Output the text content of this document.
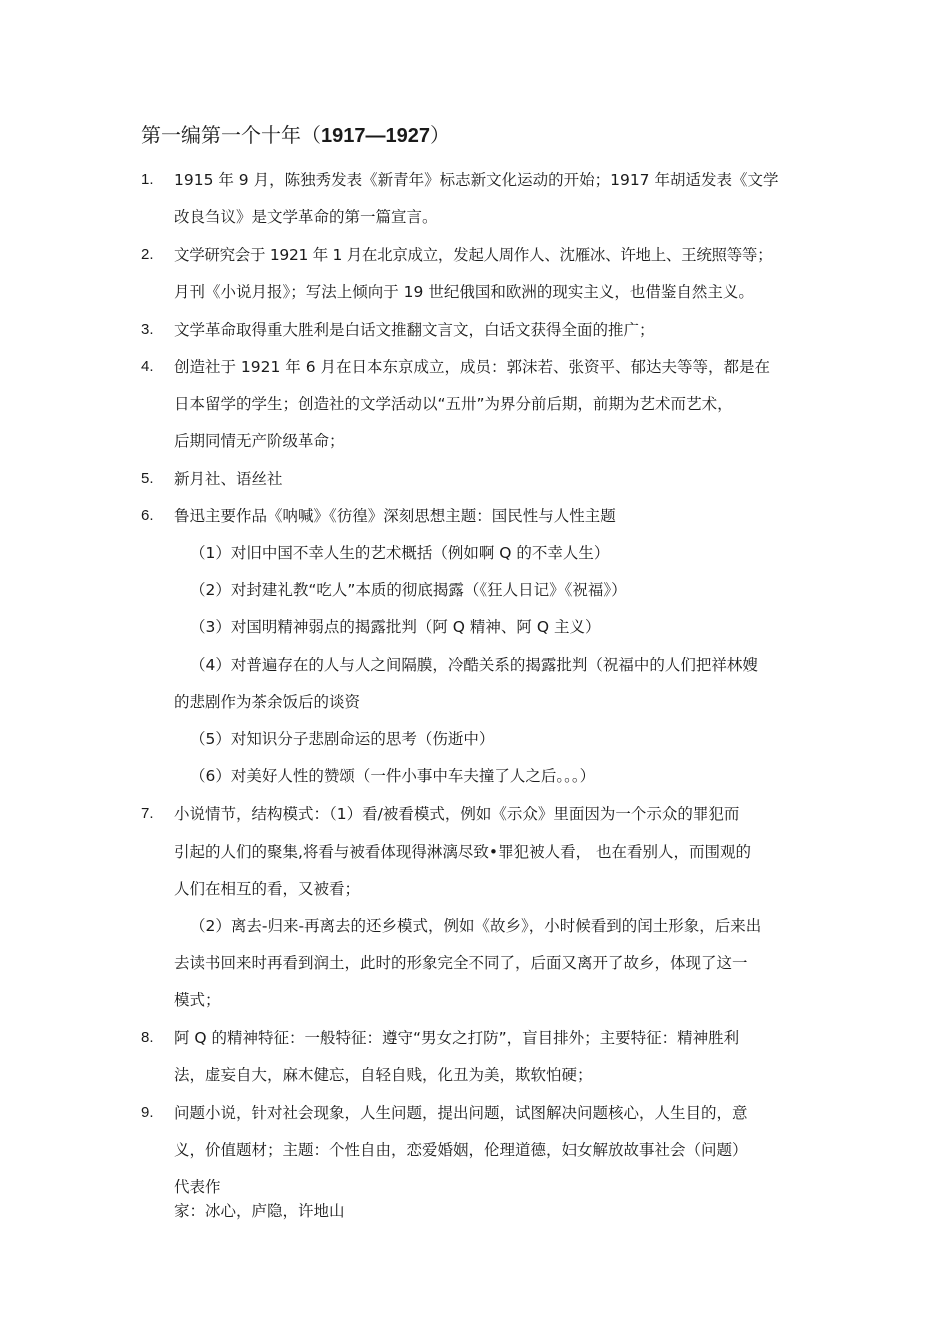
第一编第一个十年（1917—1927）
1. 1915 年 9 月，陈独秀发表《新青年》标志新文化运动的开始；1917 年胡适发表《文学
改良刍议》是文学革命的第一篇宣言。
2. 文学研究会于 1921 年 1 月在北京成立，发起人周作人、沈雁冰、许地上、王统照等等；
月刊《小说月报》；写法上倾向于 19 世纪俄国和欧洲的现实主义，也借鉴自然主义。
3. 文学革命取得重大胜利是白话文推翻文言文，白话文获得全面的推广；
4. 创造社于 1921 年 6 月在日本东京成立，成员：郭沫若、张资平、郁达夫等等，都是在
日本留学的学生；创造社的文学活动以“五卅”为界分前后期，前期为艺术而艺术，
后期同情无产阶级革命；
5. 新月社、语丝社
6. 鲁迅主要作品《呐喊》《彷徨》深刻思想主题：国民性与人性主题
（1）对旧中国不幸人生的艺术概括（例如啊 Q 的不幸人生）
（2）对封建礼教“吃人”本质的彻底揭露（《狂人日记》《祝福》）
（3）对国明精神弱点的揭露批判（阿 Q 精神、阿 Q 主义）
（4）对普遍存在的人与人之间隔膜，冷酷关系的揭露批判（祝福中的人们把祥林嫂
的悲剧作为茶余饭后的谈资
（5）对知识分子悲剧命运的思考（伤逝中）
（6）对美好人性的赞颂（一件小事中车夫撞了人之后。。。）
7. 小说情节，结构模式：（1）看/被看模式，例如《示众》里面因为一个示众的罪犯而
引起的人们的聚集,将看与被看体现得淋漓尽致•罪犯被人看， 也在看别人，而围观的
人们在相互的看，又被看；
（2）离去-归来-再离去的还乡模式，例如《故乡》，小时候看到的闰土形象，后来出
去读书回来时再看到润土，此时的形象完全不同了，后面又离开了故乡，体现了这一
模式；
8. 阿 Q 的精神特征：一般特征：遵守“男女之打防”，盲目排外；主要特征：精神胜利
法，虚妄自大，麻木健忘，自轻自贱，化丑为美，欺软怕硬；
9. 问题小说，针对社会现象，人生问题，提出问题，试图解决问题核心，人生目的，意
义，价值题材；主题：个性自由，恋爱婚姻，伦理道德，妇女解放故事社会（问题）
代表作
家：冰心，庐隐，许地山
